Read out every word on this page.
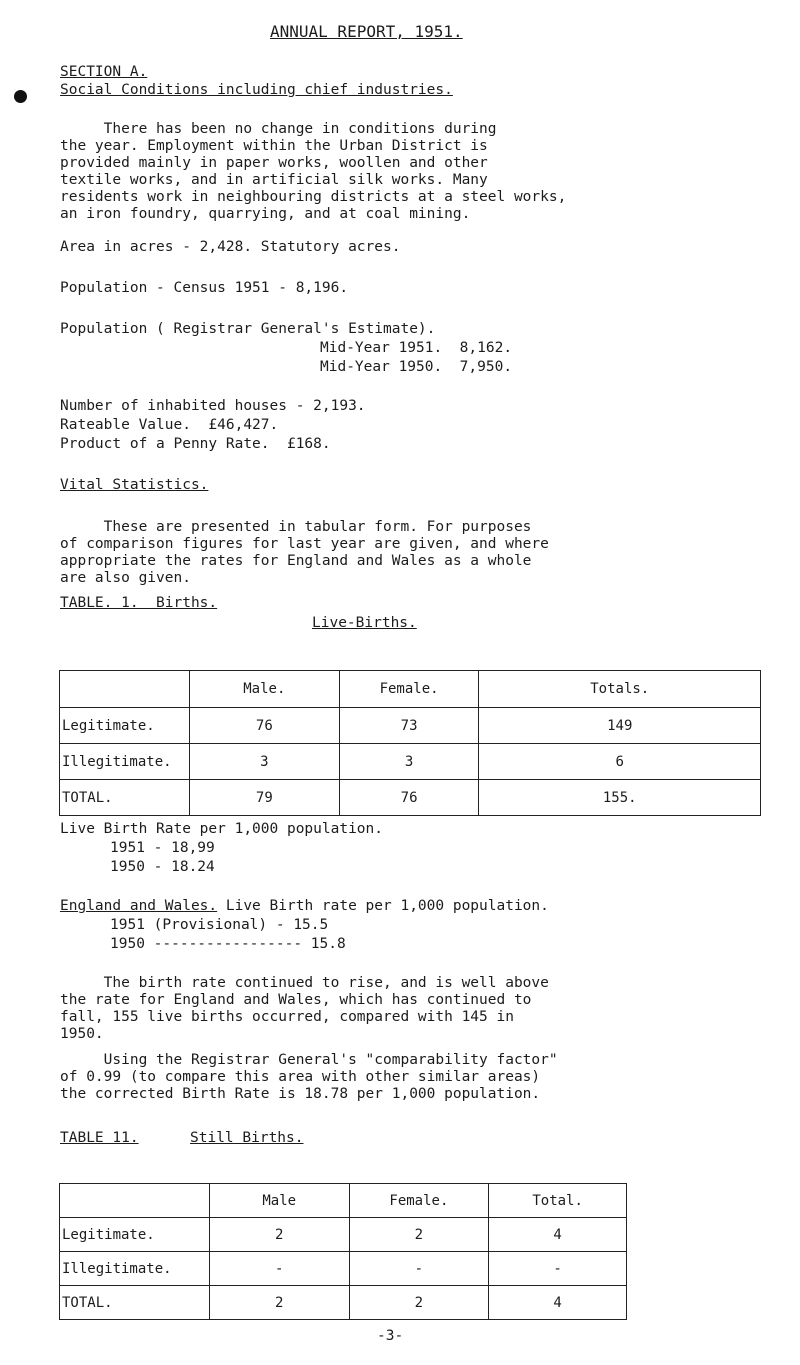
ANNUAL REPORT, 1951.
SECTION A.
Social Conditions including chief industries.
There has been no change in conditions during
the year. Employment within the Urban District is
provided mainly in paper works, woollen and other
textile works, and in artificial silk works. Many
residents work in neighbouring districts at a steel works,
an iron foundry, quarrying, and at coal mining.
Area in acres - 2,428. Statutory acres.
Population - Census 1951 - 8,196.
Population ( Registrar General's Estimate).
Mid-Year 1951.  8,162.
Mid-Year 1950.  7,950.
Number of inhabited houses - 2,193.
Rateable Value.  £46,427.
Product of a Penny Rate.  £168.
Vital Statistics.
These are presented in tabular form. For purposes
of comparison figures for last year are given, and where
appropriate the rates for England and Wales as a whole
are also given.
TABLE. 1.  Births.
Live-Births.
	Male.	Female.	Totals.
Legitimate.	76	73	149
Illegitimate.	3	3	6
TOTAL.	79	76	155.
Live Birth Rate per 1,000 population.
1951 - 18,99
1950 - 18.24
England and Wales. Live Birth rate per 1,000 population.
1951 (Provisional) - 15.5
1950 ----------------- 15.8
The birth rate continued to rise, and is well above
the rate for England and Wales, which has continued to
fall, 155 live births occurred, compared with 145 in
1950.
Using the Registrar General's "comparability factor"
of 0.99 (to compare this area with other similar areas)
the corrected Birth Rate is 18.78 per 1,000 population.
TABLE 11.	Still Births.
	Male	Female.	Total.
Legitimate.	2	2	4
Illegitimate.	-	-	-
TOTAL.	2	2	4
-3-
